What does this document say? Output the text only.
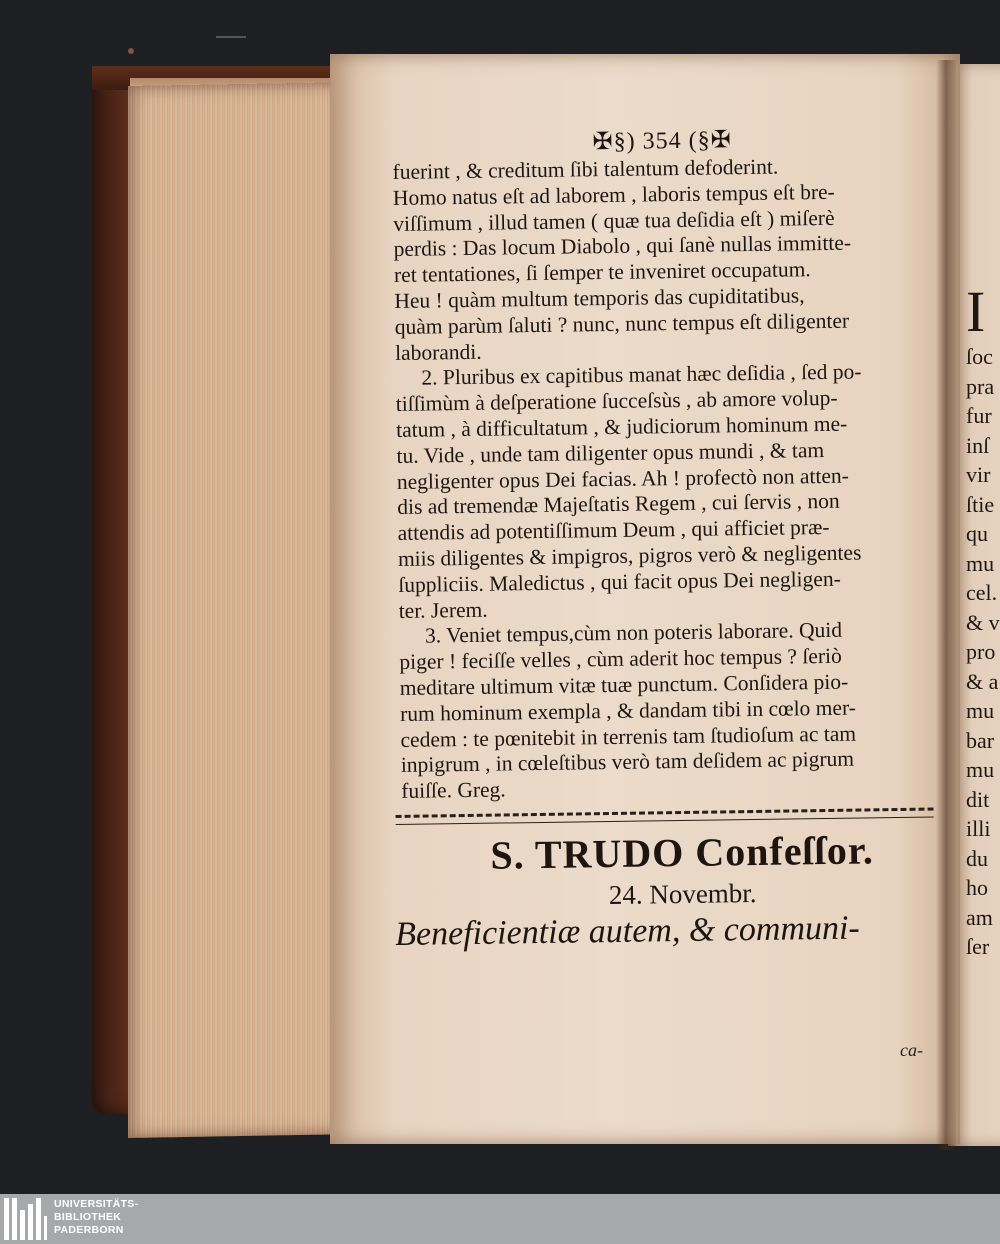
✠§) 354 (§✠

fuerint , & creditum ſibi talentum defoderint.
Homo natus eſt ad laborem , laboris tempus eſt bre-
viſſimum , illud tamen ( quæ tua deſidia eſt ) miſerè
perdis : Das locum Diabolo , qui ſanè nullas immitte-
ret tentationes, ſi ſemper te inveniret occupatum.
Heu ! quàm multum temporis das cupiditatibus,
quàm parùm ſaluti ? nunc, nunc tempus eſt diligenter
laborandi.

2. Pluribus ex capitibus manat hæc deſidia , ſed po-
tiſſimùm à deſperatione ſucceſsùs , ab amore volup-
tatum , à difficultatum , & judiciorum hominum me-
tu. Vide , unde tam diligenter opus mundi , & tam
negligenter opus Dei facias. Ah ! profectò non atten-
dis ad tremendæ Majeſtatis Regem , cui ſervis , non
attendis ad potentiſſimum Deum , qui afficiet præ-
miis diligentes & impigros, pigros verò & negligentes
ſuppliciis. Maledictus , qui facit opus Dei negligen-
ter. Jerem.

3. Veniet tempus,cùm non poteris laborare. Quid
piger ! feciſſe velles , cùm aderit hoc tempus ? ſeriò
meditare ultimum vitæ tuæ punctum. Conſidera pio-
rum hominum exempla , & dandam tibi in cœlo mer-
cedem : te pœnitebit in terrenis tam ſtudioſum ac tam
inpigrum , in cœleſtibus verò tam deſidem ac pigrum
fuiſſe. Greg.

S. TRUDO Confeſſor.
24. Novembr.
Beneficientiæ autem, & communi-
ca-
I
ſoc
pra
fur
inſ
vir
ſtie
qu
mu
cel.
& v
pro
& a
mu
bar
mu
dit
illi
du
ho
am
ſer
UNIVERSITÄTS-
BIBLIOTHEK
PADERBORN
